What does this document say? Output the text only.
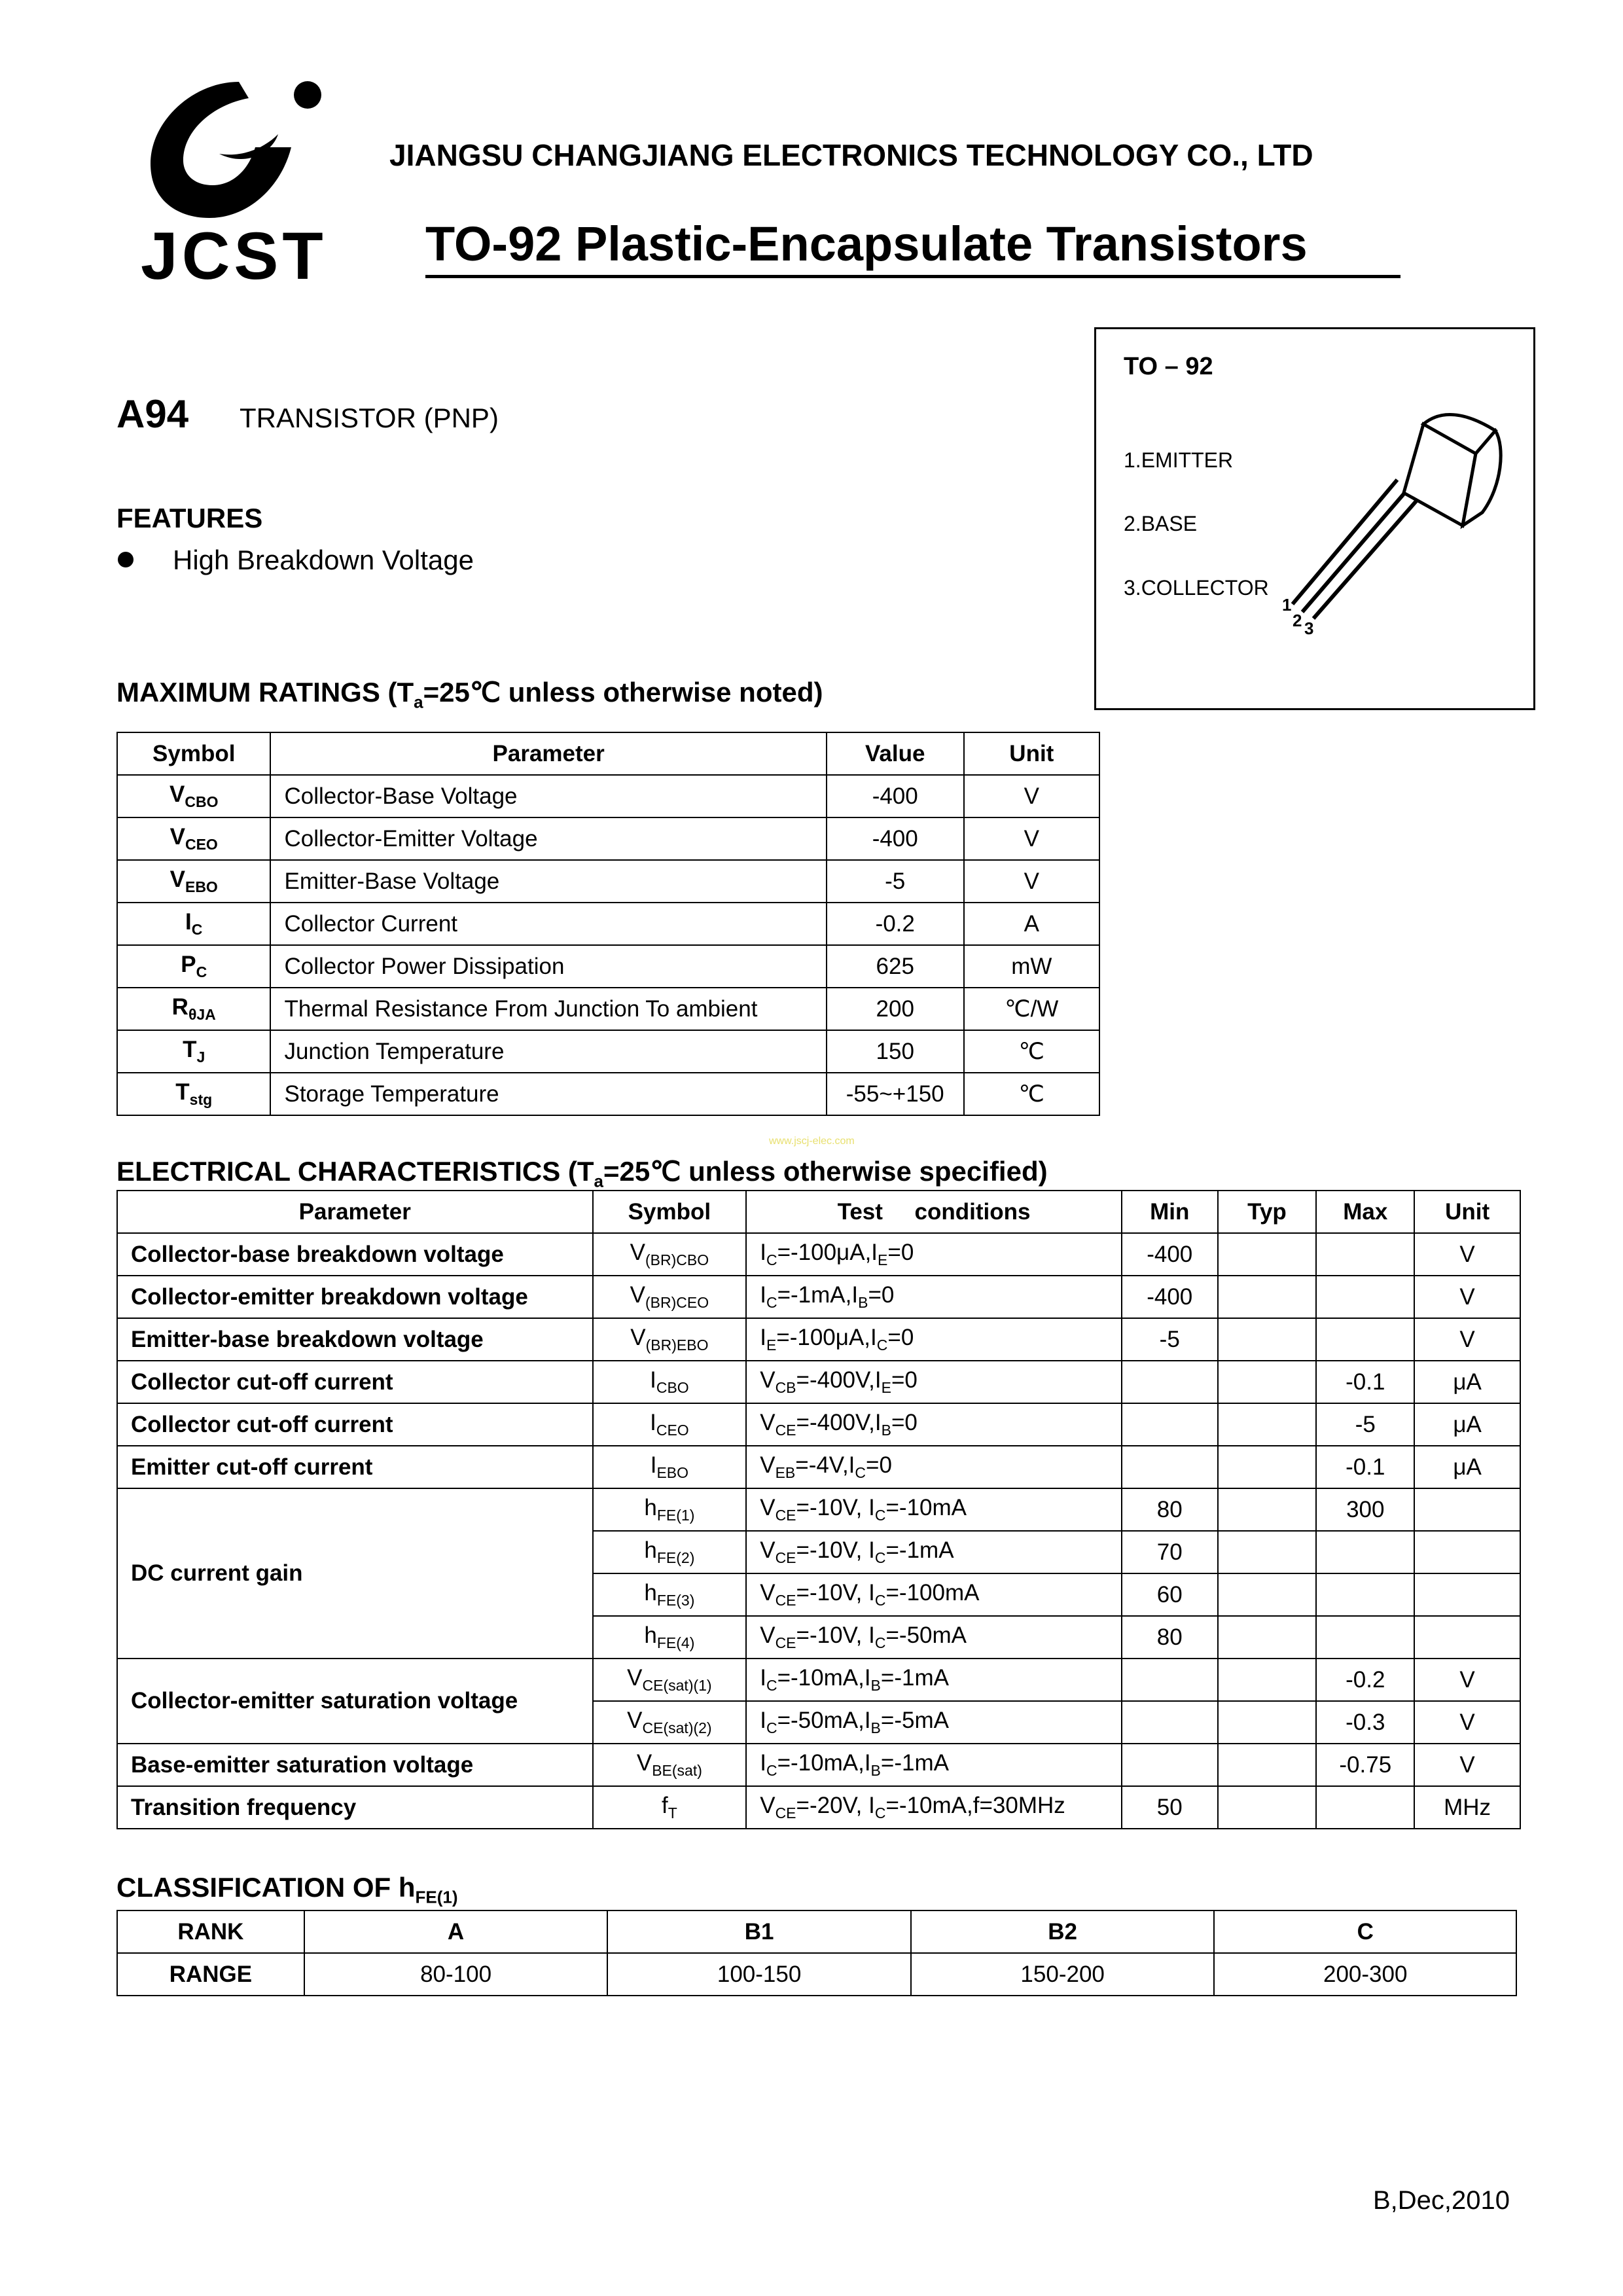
JCST
JIANGSU CHANGJIANG ELECTRONICS TECHNOLOGY CO., LTD
TO-92 Plastic-Encapsulate Transistors
TO – 92
1.EMITTER
2.BASE
3.COLLECTOR
1
2 3
A94 TRANSISTOR (PNP)
FEATURES
High Breakdown Voltage
MAXIMUM RATINGS ($T_a=25℃$ unless otherwise noted)
Symbol	Parameter	Value	Unit
$V_{CBO}$	Collector-Base Voltage	-400	V
$V_{CEO}$	Collector-Emitter Voltage	-400	V
$V_{EBO}$	Emitter-Base Voltage	-5	V
$I_C$	Collector Current	-0.2	A
$P_C$	Collector Power Dissipation	625	mW
$R_{\theta JA}$	Thermal Resistance From Junction To ambient	200	℃/W
$T_J$	Junction Temperature	150	℃
$T_{stg}$	Storage Temperature	-55~+150	℃
www.jscj-elec.com
ELECTRICAL CHARACTERISTICS ($T_a=25℃$ unless otherwise specified)
Parameter	Symbol	Test     conditions	Min	Typ	Max	Unit
Collector-base breakdown voltage	$V_{(BR)CBO}$	$I_C=-100\mu A,I_E=0$	-400			V
Collector-emitter breakdown voltage	$V_{(BR)CEO}$	$I_C=-1mA,I_B=0$	-400			V
Emitter-base breakdown voltage	$V_{(BR)EBO}$	$I_E=-100\mu A,I_C=0$	-5			V
Collector cut-off current	$I_{CBO}$	$V_{CB}=-400V,I_E=0$			-0.1	μA
Collector cut-off current	$I_{CEO}$	$V_{CE}=-400V,I_B=0$			-5	μA
Emitter cut-off current	$I_{EBO}$	$V_{EB}=-4V,I_C=0$			-0.1	μA
DC current gain	$h_{FE(1)}$	$V_{CE}=-10V$, $I_C=-10mA$	80		300	
	$h_{FE(2)}$	$V_{CE}=-10V$, $I_C=-1mA$	70			
	$h_{FE(3)}$	$V_{CE}=-10V$, $I_C=-100mA$	60			
	$h_{FE(4)}$	$V_{CE}=-10V$, $I_C=-50mA$	80			
Collector-emitter saturation voltage	$V_{CE(sat)(1)}$	$I_C=-10mA,I_B=-1mA$			-0.2	V
	$V_{CE(sat)(2)}$	$I_C=-50mA,I_B=-5mA$			-0.3	V
Base-emitter saturation voltage	$V_{BE(sat)}$	$I_C=-10mA,I_B=-1mA$			-0.75	V
Transition frequency	$f_T$	$V_{CE}=-20V$, $I_C=-10mA,f=30MHz$	50			MHz
CLASSIFICATION OF $h_{FE(1)}$
RANK	A	B1	B2	C
RANGE	80-100	100-150	150-200	200-300
B,Dec,2010
